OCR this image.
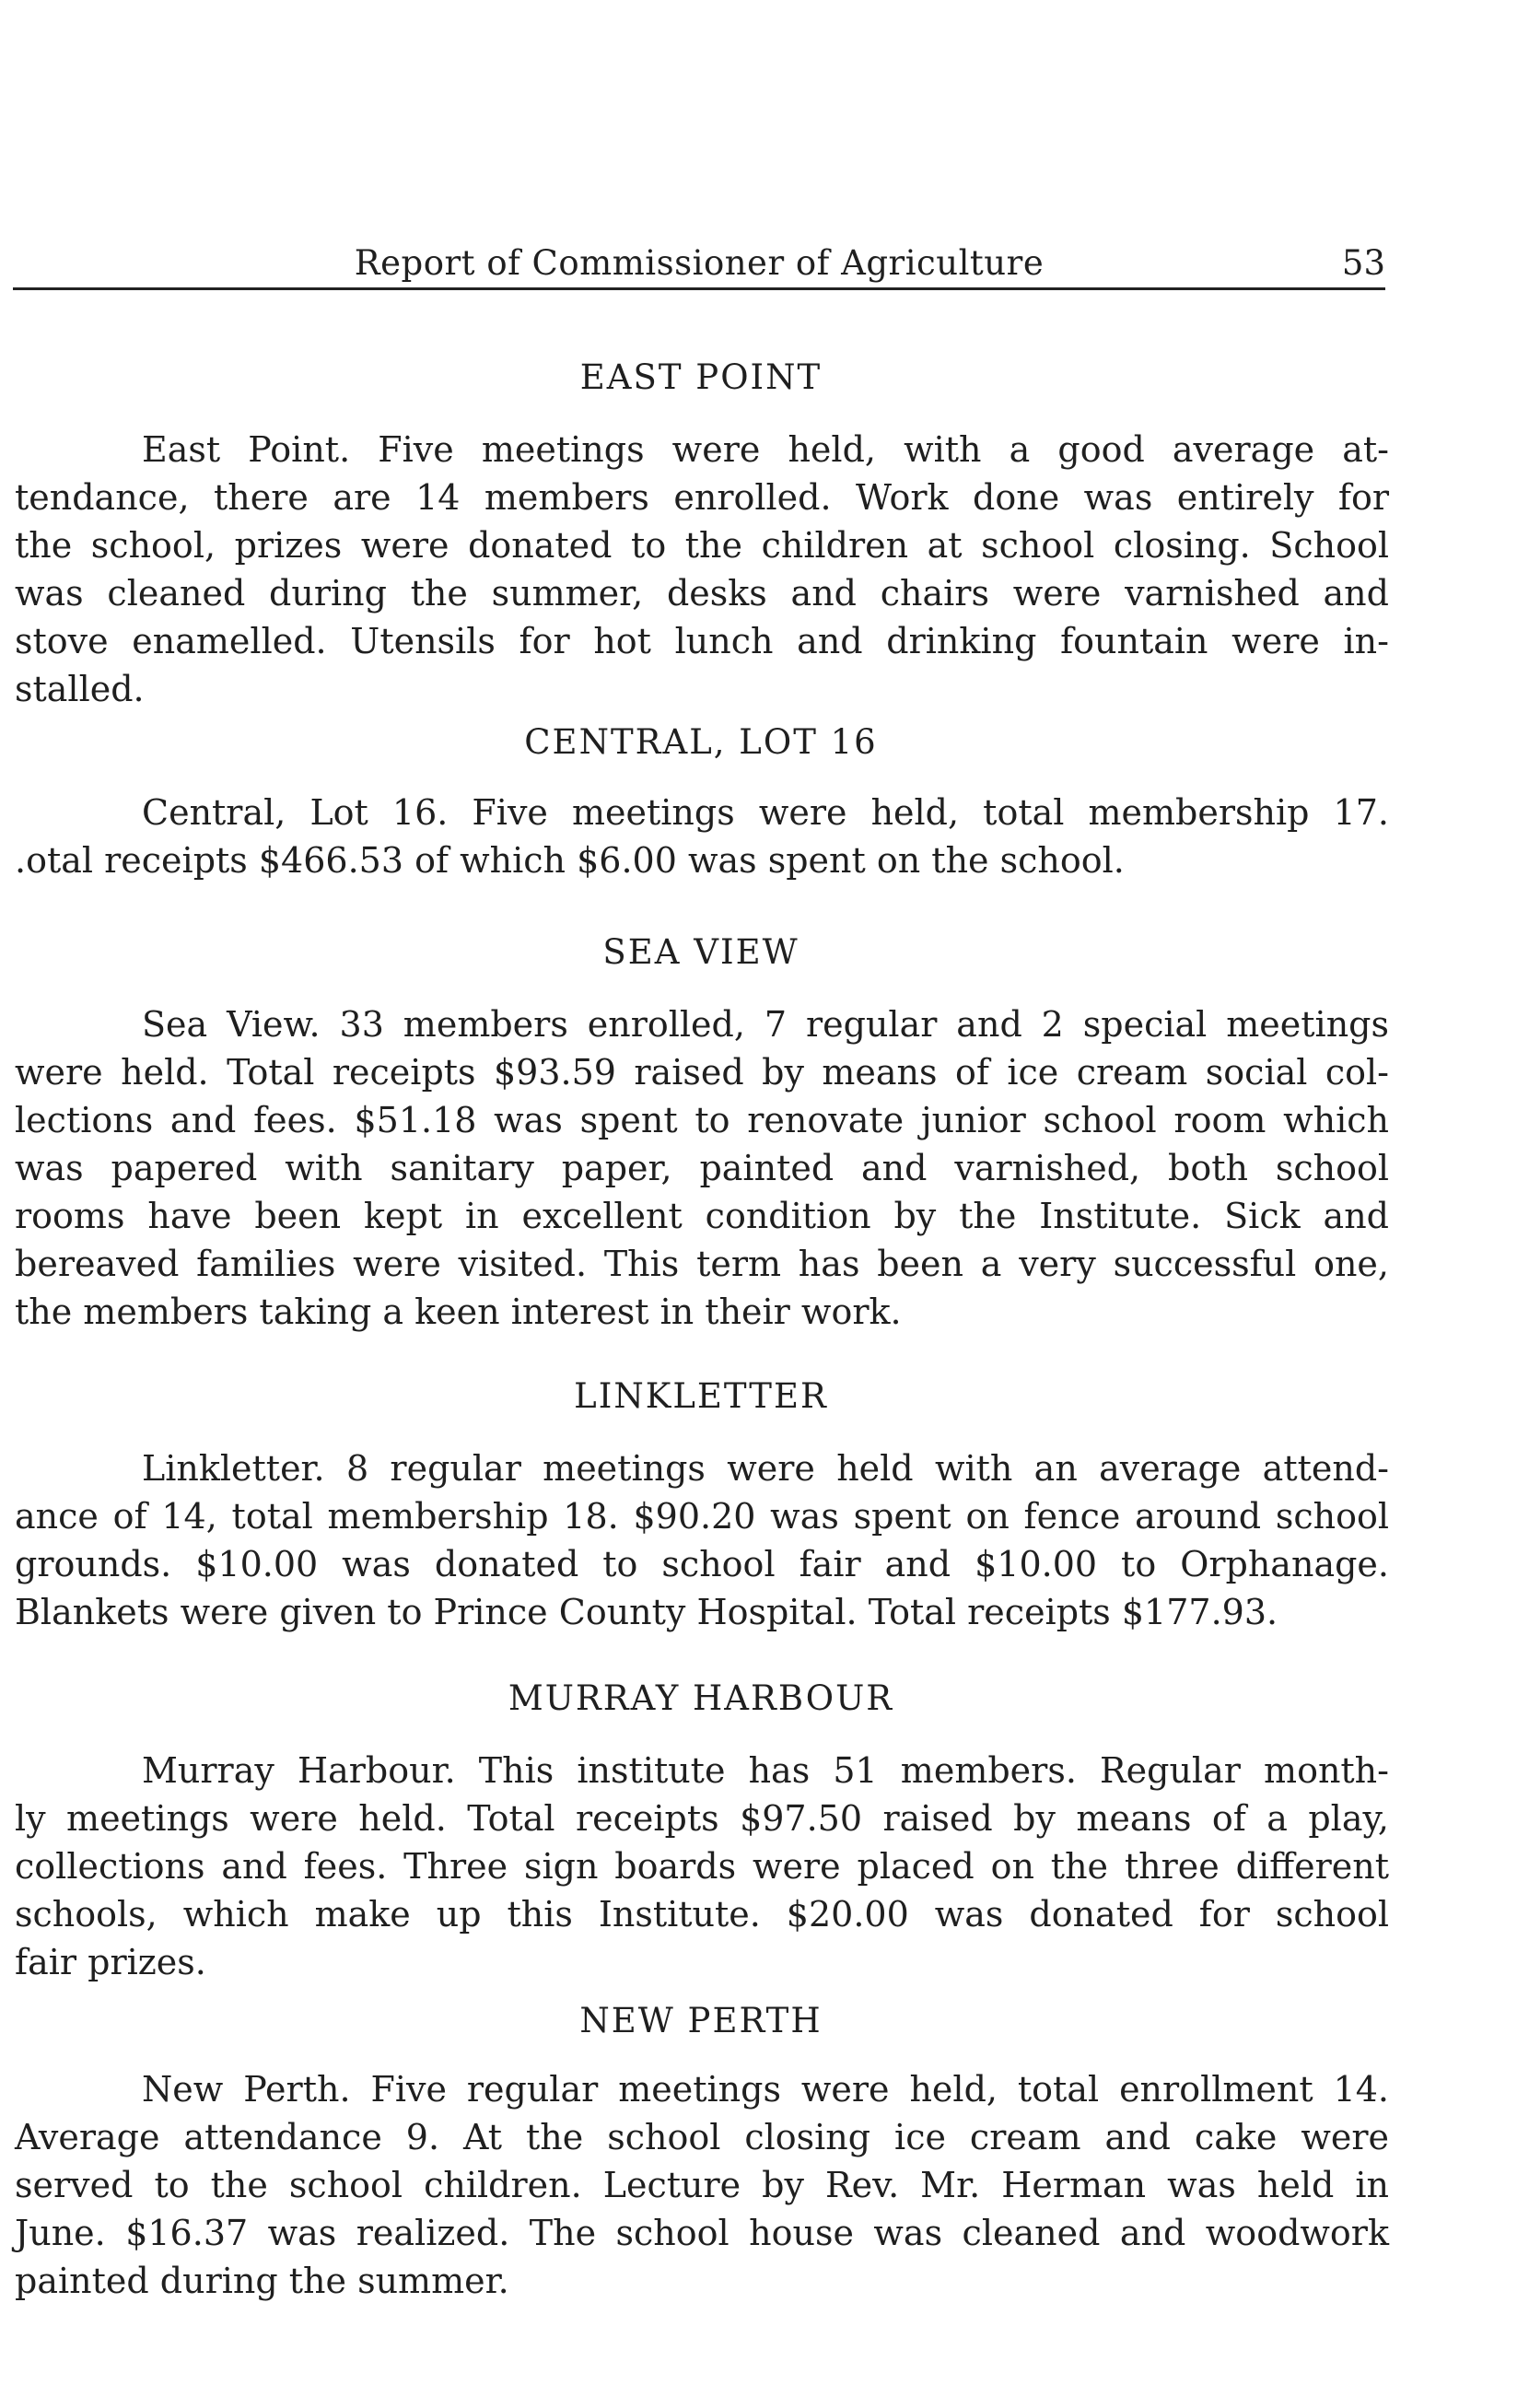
Report of Commissioner of Agriculture	53
EAST POINT
East Point. Five meetings were held, with a good average at-
tendance, there are 14 members enrolled. Work done was entirely for
the school, prizes were donated to the children at school closing. School
was cleaned during the summer, desks and chairs were varnished and
stove enamelled. Utensils for hot lunch and drinking fountain were in-
stalled.
CENTRAL, LOT 16
Central, Lot 16. Five meetings were held, total membership 17.
.otal receipts $466.53 of which $6.00 was spent on the school.
SEA VIEW
Sea View. 33 members enrolled, 7 regular and 2 special meetings
were held. Total receipts $93.59 raised by means of ice cream social col-
lections and fees. $51.18 was spent to renovate junior school room which
was papered with sanitary paper, painted and varnished, both school
rooms have been kept in excellent condition by the Institute. Sick and
bereaved families were visited. This term has been a very successful one,
the members taking a keen interest in their work.
LINKLETTER
Linkletter. 8 regular meetings were held with an average attend-
ance of 14, total membership 18. $90.20 was spent on fence around school
grounds. $10.00 was donated to school fair and $10.00 to Orphanage.
Blankets were given to Prince County Hospital. Total receipts $177.93.
MURRAY HARBOUR
Murray Harbour. This institute has 51 members. Regular month-
ly meetings were held. Total receipts $97.50 raised by means of a play,
collections and fees. Three sign boards were placed on the three different
schools, which make up this Institute. $20.00 was donated for school
fair prizes.
NEW PERTH
New Perth. Five regular meetings were held, total enrollment 14.
Average attendance 9. At the school closing ice cream and cake were
served to the school children. Lecture by Rev. Mr. Herman was held in
June. $16.37 was realized. The school house was cleaned and woodwork
painted during the summer.
